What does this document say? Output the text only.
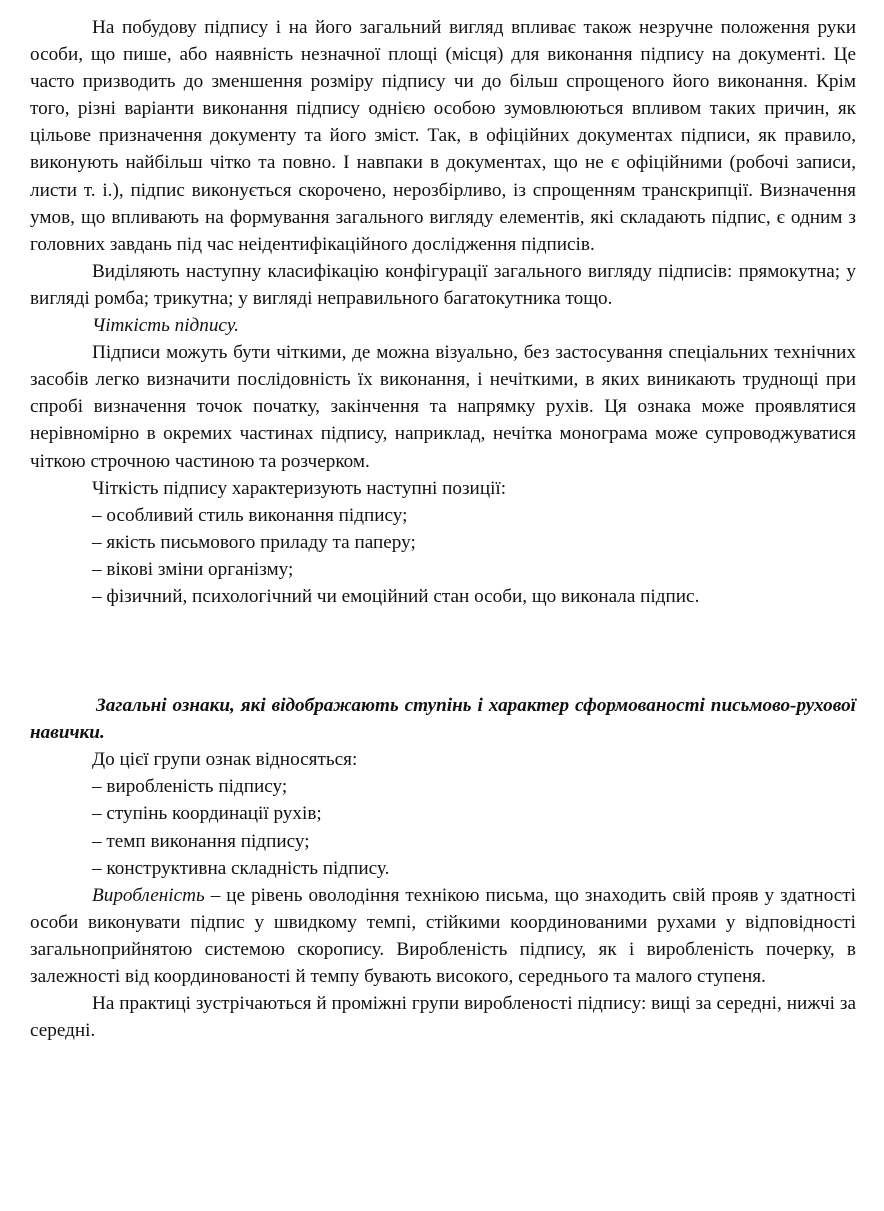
На побудову підпису і на його загальний вигляд впливає також незручне положення руки особи, що пише, або наявність незначної площі (місця) для виконання підпису на документі. Це часто призводить до зменшення розміру підпису чи до більш спрощеного його виконання. Крім того, різні варіанти виконання підпису однією особою зумовлюються впливом таких причин, як цільове призначення документу та його зміст. Так, в офіційних документах підписи, як правило, виконують найбільш чітко та повно. І навпаки в документах, що не є офіційними (робочі записи, листи т. і.), підпис виконується скорочено, нерозбірливо, із спрощенням транскрипції. Визначення умов, що впливають на формування загального вигляду елементів, які складають підпис, є одним з головних завдань під час неідентифікаційного дослідження підписів.

Виділяють наступну класифікацію конфігурації загального вигляду підписів: прямокутна; у вигляді ромба; трикутна; у вигляді неправильного багатокутника тощо.

Чіткість підпису.

Підписи можуть бути чіткими, де можна візуально, без застосування спеціальних технічних засобів легко визначити послідовність їх виконання, і нечіткими, в яких виникають труднощі при спробі визначення точок початку, закінчення та напрямку рухів. Ця ознака може проявлятися нерівномірно в окремих частинах підпису, наприклад, нечітка монограма може супроводжуватися чіткою строчною частиною та розчерком.

Чіткість підпису характеризують наступні позиції:

– особливий стиль виконання підпису;

– якість письмового приладу та паперу;

– вікові зміни організму;

– фізичний, психологічний чи емоційний стан особи, що виконала підпис.

Загальні ознаки, які відображають ступінь і характер сформованості письмово-рухової навички.

До цієї групи ознак відносяться:

– виробленість підпису;

– ступінь координації рухів;

– темп виконання підпису;

– конструктивна складність підпису.

Виробленість – це рівень оволодіння технікою письма, що знаходить свій прояв у здатності особи виконувати підпис у швидкому темпі, стійкими координованими рухами у відповідності загальноприйнятою системою скоропису. Виробленість підпису, як і виробленість почерку, в залежності від координованості й темпу бувають високого, середнього та малого ступеня.

На практиці зустрічаються й проміжні групи виробленості підпису: вищі за середні, нижчі за середні.
